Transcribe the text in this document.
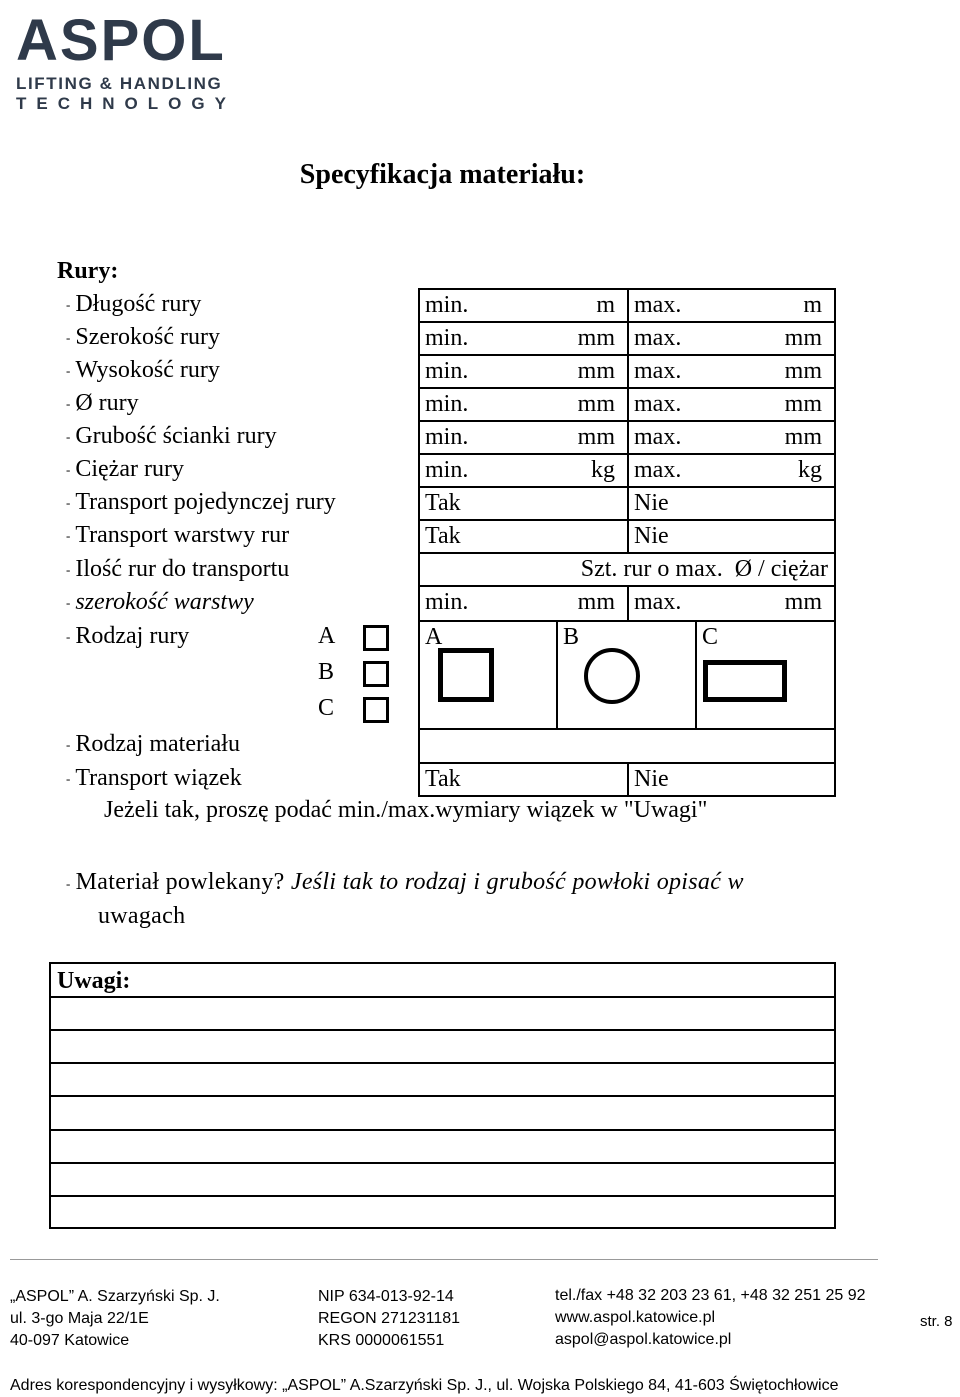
ASPOL
LIFTING & HANDLING
TECHNOLOGY
Specyfikacja materiału:
Rury:
- Długość rury	min.	m max.	m
- Szerokość rury	min.	mm max.	mm
- Wysokość rury	min.	mm max.	mm
- Ø rury	min.	mm max.	mm
- Grubość ścianki rury	min.	mm max.	mm
- Ciężar rury	min.	kg max.	kg
- Transport pojedynczej rury	Tak	Nie
- Transport warstwy rur	Tak	Nie
- Ilość rur do transportu	Szt. rur o max.  Ø / ciężar
- szerokość warstwy	min.	mm max.	mm
- Rodzaj rury	A
B
C
A	B	C
- Rodzaj materiału
- Transport wiązek	Tak	Nie
Jeżeli tak, proszę podać min./max.wymiary wiązek w "Uwagi"
- Materiał powlekany? Jeśli tak to rodzaj i grubość powłoki opisać w
uwagach
Uwagi:
„ASPOL” A. Szarzyński Sp. J.
ul. 3-go Maja 22/1E
40-097 Katowice
NIP 634-013-92-14
REGON 271231181
KRS 0000061551
tel./fax +48 32 203 23 61, +48 32 251 25 92
www.aspol.katowice.pl
aspol@aspol.katowice.pl
str. 8
Adres korespondencyjny i wysyłkowy: „ASPOL” A.Szarzyński Sp. J., ul. Wojska Polskiego 84, 41-603 Świętochłowice
